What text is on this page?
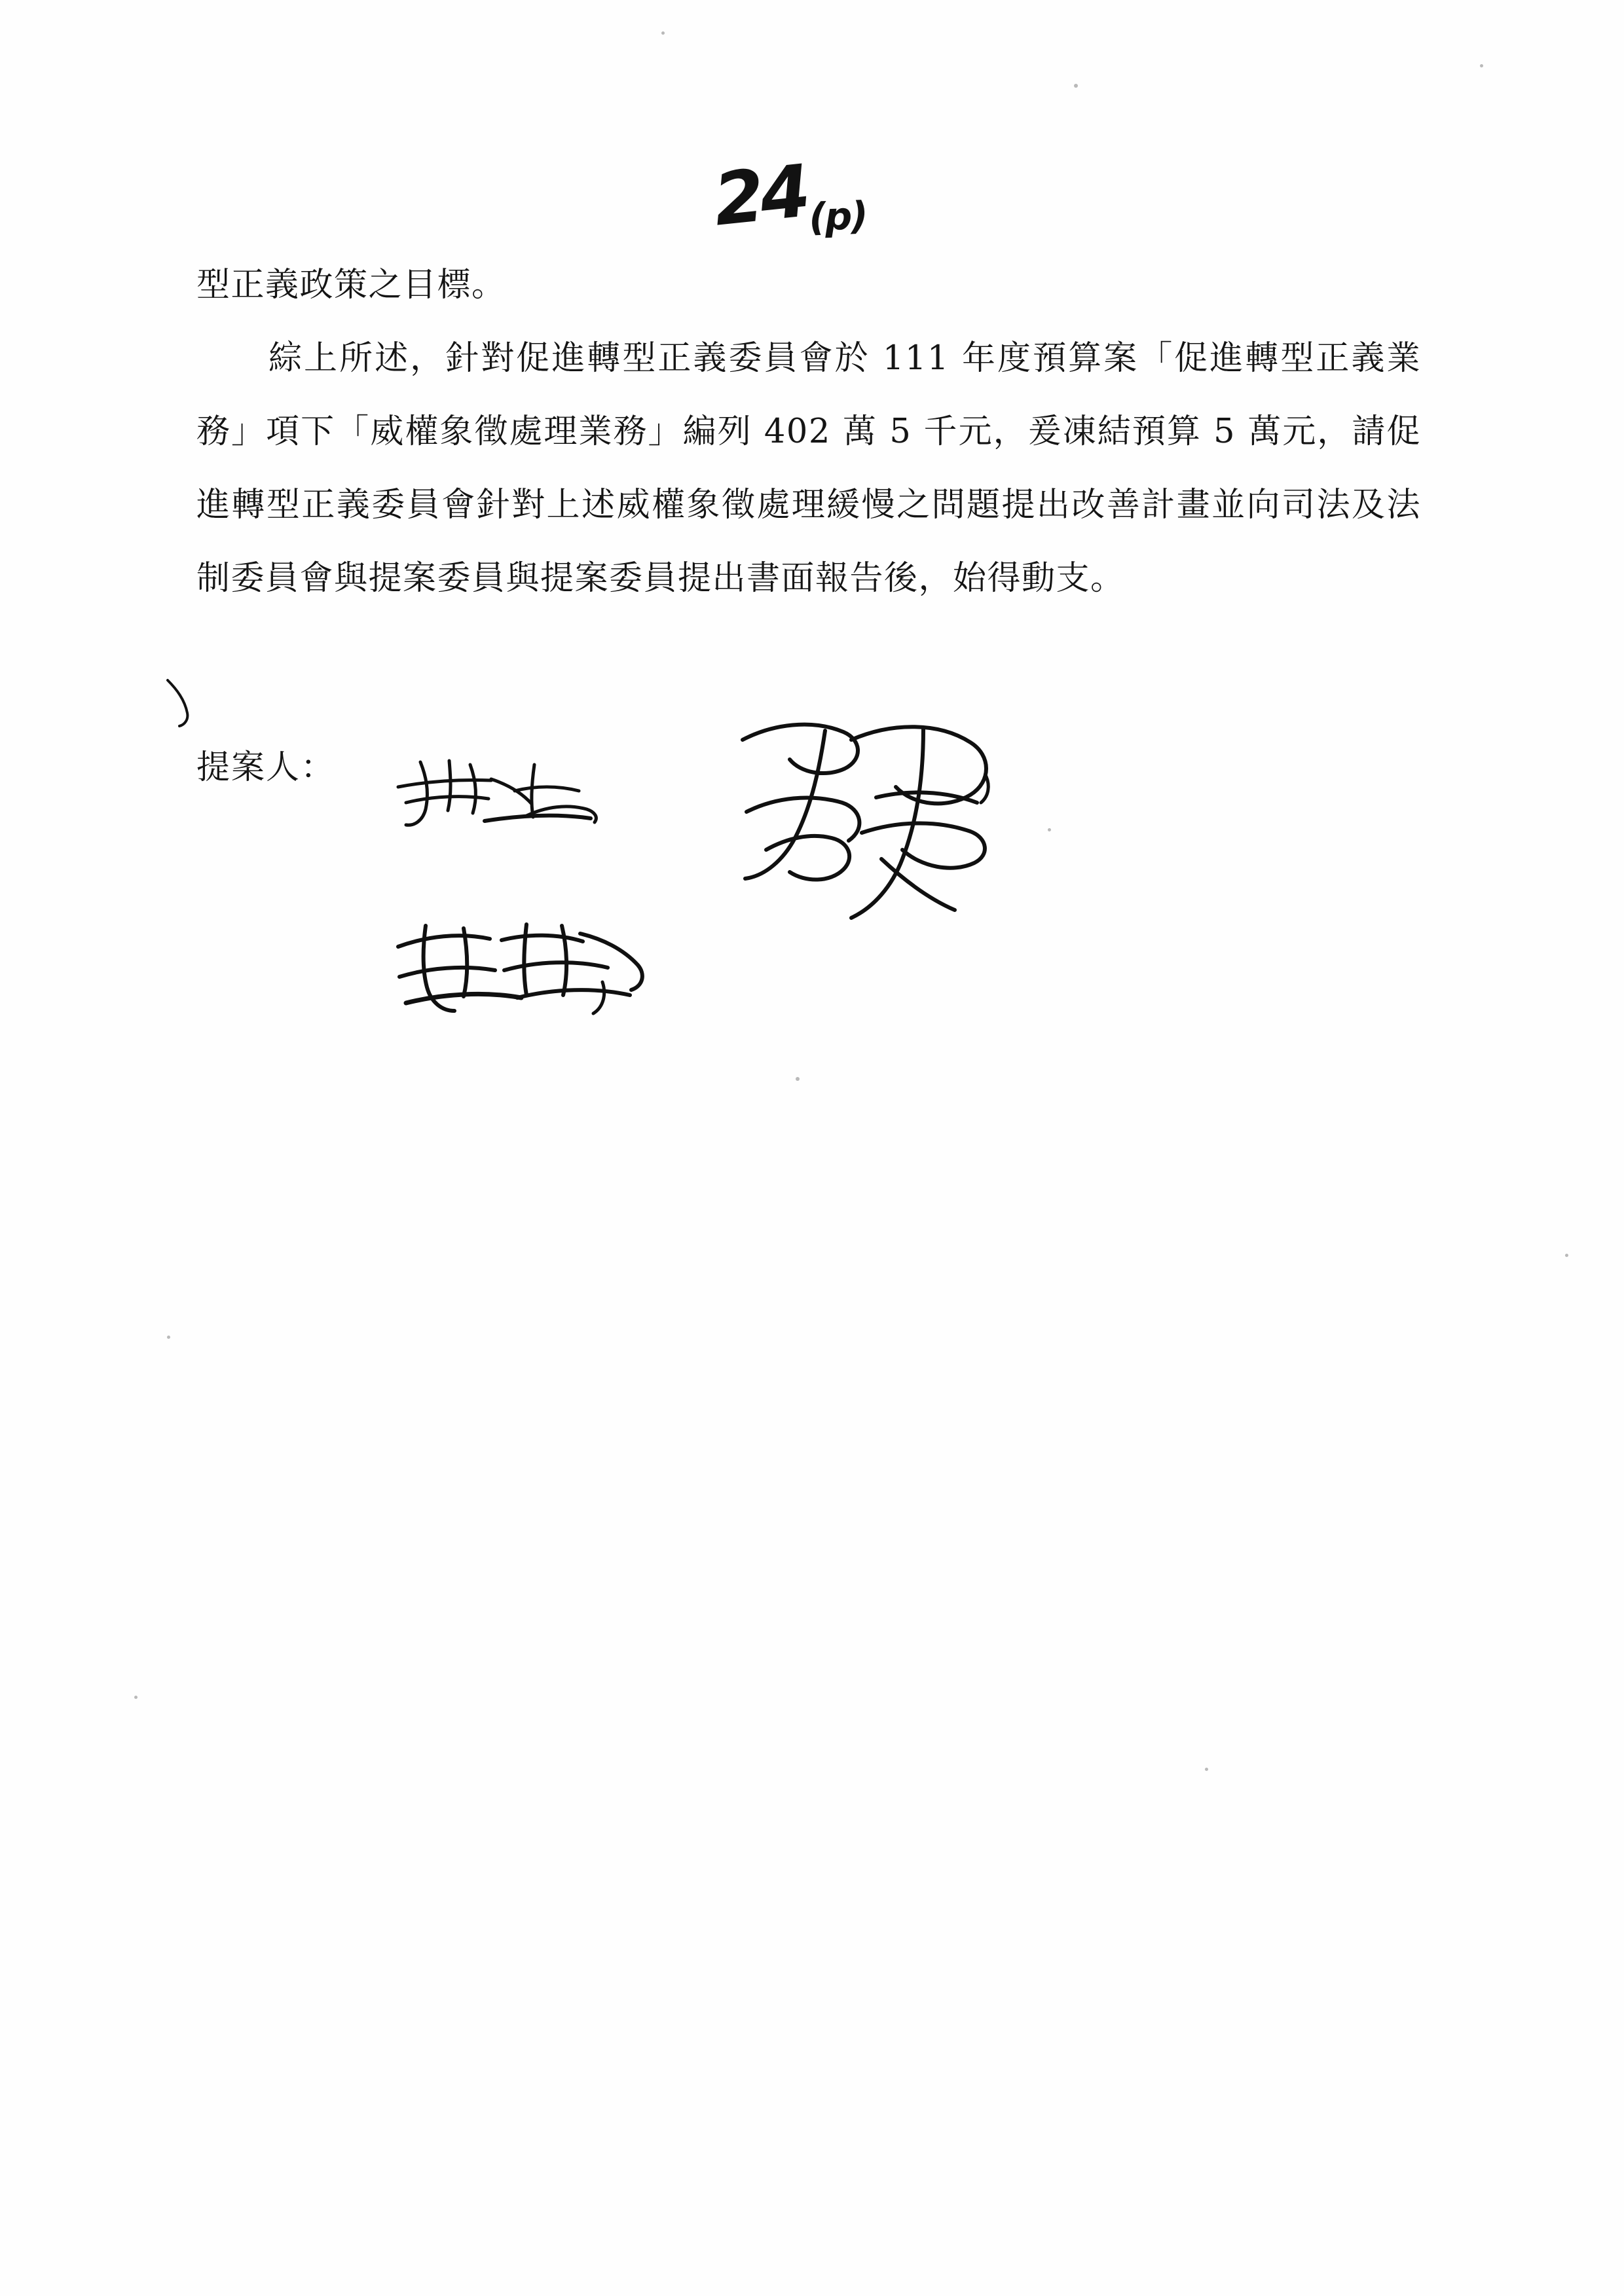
24(p)

型正義政策之目標。

綜上所述，針對促進轉型正義委員會於 111 年度預算案「促進轉型正義業務」項下「威權象徵處理業務」編列 402 萬 5 千元，爰凍結預算 5 萬元，請促進轉型正義委員會針對上述威權象徵處理緩慢之問題提出改善計畫並向司法及法制委員會與提案委員與提案委員提出書面報告後，始得動支。

提案人：
